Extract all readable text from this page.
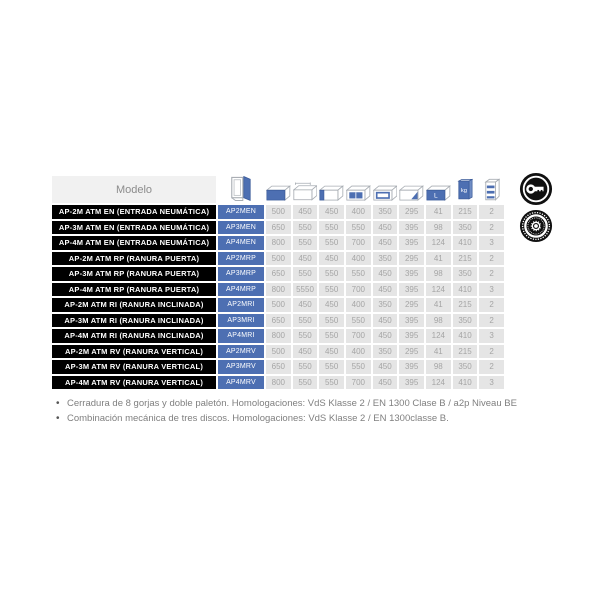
Modelo
L
kg
AP-2M ATM EN (ENTRADA NEUMÁTICA)	AP2MEN	500	450	450	400	350	295	41	215	2
AP-3M ATM EN (ENTRADA NEUMÁTICA)	AP3MEN	650	550	550	550	450	395	98	350	2
AP-4M ATM EN (ENTRADA NEUMÁTICA)	AP4MEN	800	550	550	700	450	395	124	410	3
AP-2M ATM RP (RANURA PUERTA)	AP2MRP	500	450	450	400	350	295	41	215	2
AP-3M ATM RP (RANURA PUERTA)	AP3MRP	650	550	550	550	450	395	98	350	2
AP-4M ATM RP (RANURA PUERTA)	AP4MRP	800	5550	550	700	450	395	124	410	3
AP-2M ATM RI (RANURA INCLINADA)	AP2MRI	500	450	450	400	350	295	41	215	2
AP-3M ATM RI (RANURA INCLINADA)	AP3MRI	650	550	550	550	450	395	98	350	2
AP-4M ATM RI (RANURA INCLINADA)	AP4MRI	800	550	550	700	450	395	124	410	3
AP-2M ATM RV (RANURA VERTICAL)	AP2MRV	500	450	450	400	350	295	41	215	2
AP-3M ATM RV (RANURA VERTICAL)	AP3MRV	650	550	550	550	450	395	98	350	2
AP-4M ATM RV (RANURA VERTICAL)	AP4MRV	800	550	550	700	450	395	124	410	3
• Cerradura de 8 gorjas y doble paletón. Homologaciones: VdS Klasse 2 / EN 1300 Clase B / a2p Niveau BE
• Combinación mecánica de tres discos. Homologaciones: VdS Klasse 2 / EN 1300classe B.
